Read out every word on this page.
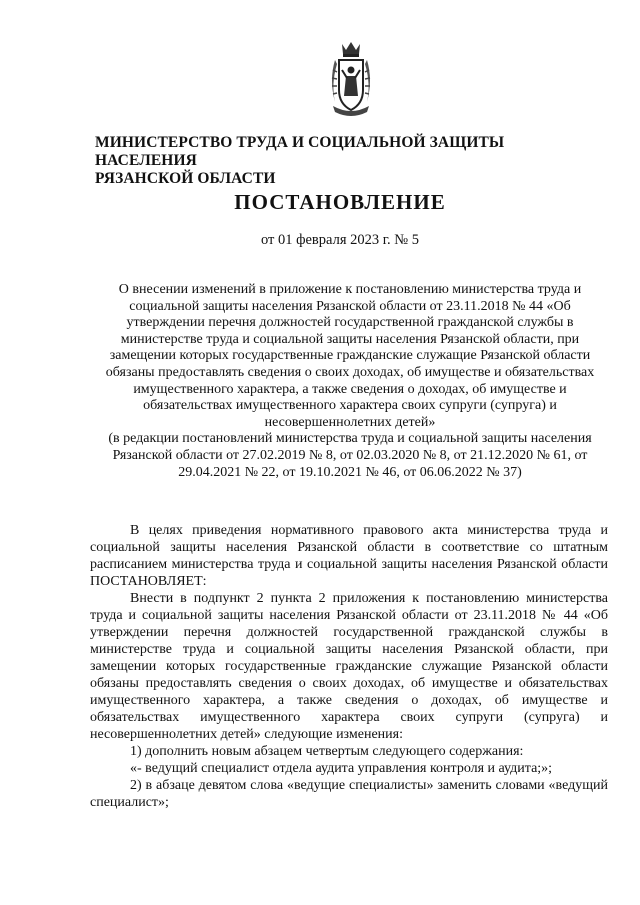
МИНИСТЕРСТВО ТРУДА И СОЦИАЛЬНОЙ ЗАЩИТЫ НАСЕЛЕНИЯ
РЯЗАНСКОЙ ОБЛАСТИ
ПОСТАНОВЛЕНИЕ
от 01 февраля 2023 г. № 5
О внесении изменений в приложение к постановлению министерства труда и социальной защиты населения Рязанской области от 23.11.2018 № 44 «Об утверждении перечня должностей государственной гражданской службы в министерстве труда и социальной защиты населения Рязанской области, при замещении которых государственные гражданские служащие Рязанской области обязаны предоставлять сведения о своих доходах, об имуществе и обязательствах имущественного характера, а также сведения о доходах, об имуществе и обязательствах имущественного характера своих супруги (супруга) и несовершеннолетних детей»
(в редакции постановлений министерства труда и социальной защиты населения Рязанской области от 27.02.2019 № 8, от 02.03.2020 № 8, от 21.12.2020 № 61, от 29.04.2021 № 22, от 19.10.2021 № 46, от 06.06.2022 № 37)

В целях приведения нормативного правового акта министерства труда и социальной защиты населения Рязанской области в соответствие со штатным расписанием министерства труда и социальной защиты населения Рязанской области ПОСТАНОВЛЯЕТ:

Внести в подпункт 2 пункта 2 приложения к постановлению министерства труда и социальной защиты населения Рязанской области от 23.11.2018 № 44 «Об утверждении перечня должностей государственной гражданской службы в министерстве труда и социальной защиты населения Рязанской области, при замещении которых государственные гражданские служащие Рязанской области обязаны предоставлять сведения о своих доходах, об имуществе и обязательствах имущественного характера, а также сведения о доходах, об имуществе и обязательствах имущественного характера своих супруги (супруга) и несовершеннолетних детей» следующие изменения:

1) дополнить новым абзацем четвертым следующего содержания:

«- ведущий специалист отдела аудита управления контроля и аудита;»;

2) в абзаце девятом слова «ведущие специалисты» заменить словами «ведущий специалист»;
